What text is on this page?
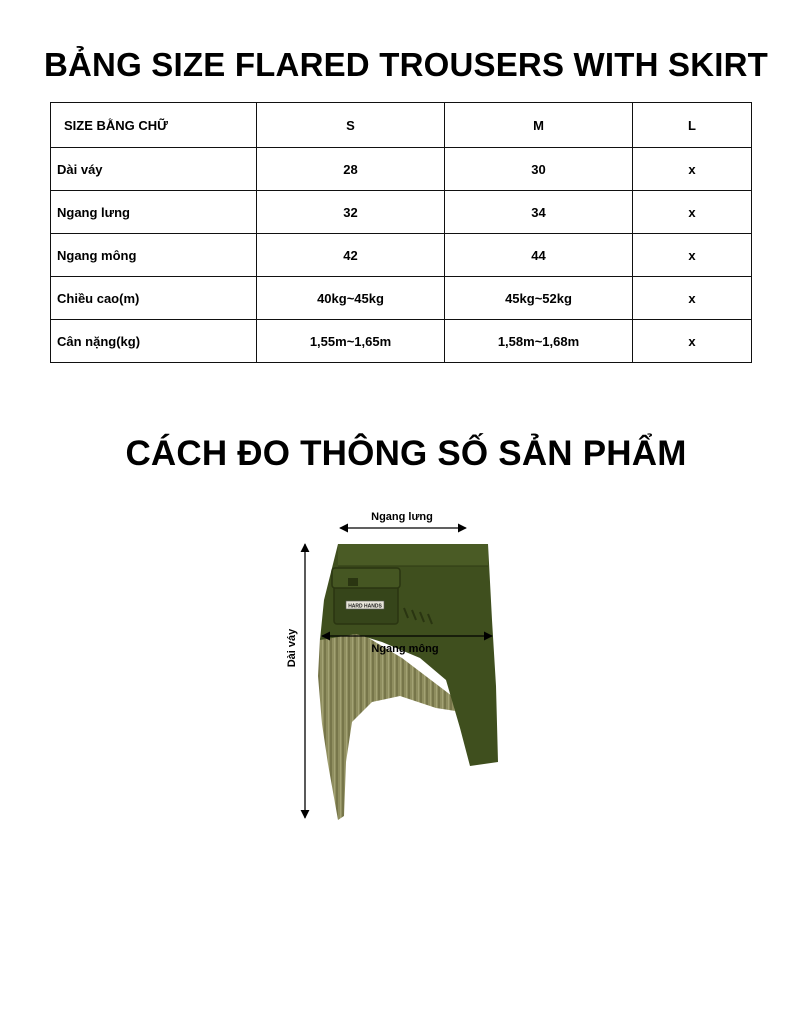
BẢNG SIZE FLARED TROUSERS WITH SKIRT
SIZE BẰNG CHỮ	S	M	L
Dài váy	28	30	x
Ngang lưng	32	34	x
Ngang mông	42	44	x
Chiều cao(m)	40kg~45kg	45kg~52kg	x
Cân nặng(kg)	1,55m~1,65m	1,58m~1,68m	x
CÁCH ĐO THÔNG SỐ SẢN PHẨM
HARD HANDS
Ngang lưng
Ngang mông
Dài váy
